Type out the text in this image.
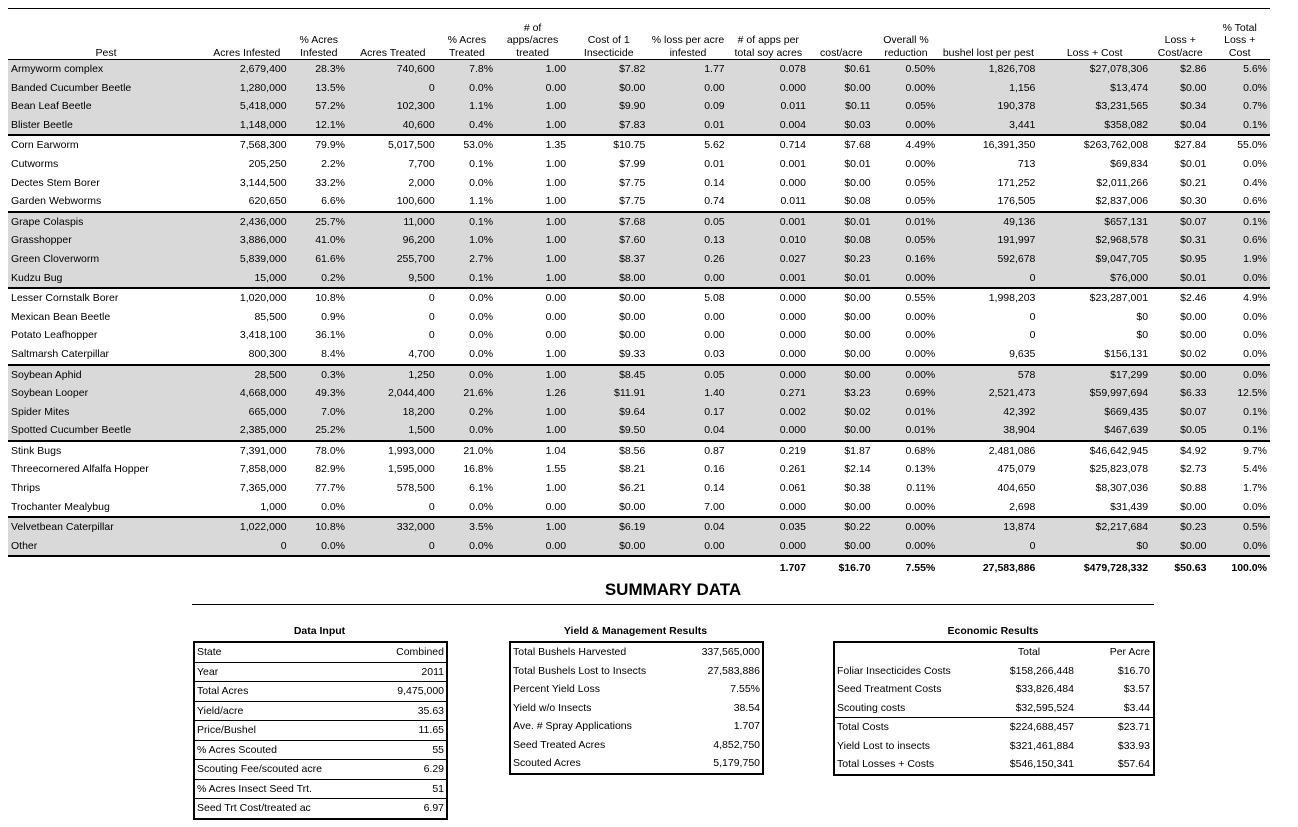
Pest	Acres Infested	% Acres Infested	Acres Treated	% Acres Treated	# of apps/acres treated	Cost of 1 Insecticide	% loss per acre infested	# of apps per total soy acres	cost/acre	Overall % reduction	bushel lost per pest	Loss + Cost	Loss + Cost/acre	% Total Loss + Cost
Armyworm complex	2,679,400	28.3%	740,600	7.8%	1.00	$7.82	1.77	0.078	$0.61	0.50%	1,826,708	$27,078,306	$2.86	5.6%
Banded Cucumber Beetle	1,280,000	13.5%	0	0.0%	0.00	$0.00	0.00	0.000	$0.00	0.00%	1,156	$13,474	$0.00	0.0%
Bean Leaf Beetle	5,418,000	57.2%	102,300	1.1%	1.00	$9.90	0.09	0.011	$0.11	0.05%	190,378	$3,231,565	$0.34	0.7%
Blister Beetle	1,148,000	12.1%	40,600	0.4%	1.00	$7.83	0.01	0.004	$0.03	0.00%	3,441	$358,082	$0.04	0.1%
Corn Earworm	7,568,300	79.9%	5,017,500	53.0%	1.35	$10.75	5.62	0.714	$7.68	4.49%	16,391,350	$263,762,008	$27.84	55.0%
Cutworms	205,250	2.2%	7,700	0.1%	1.00	$7.99	0.01	0.001	$0.01	0.00%	713	$69,834	$0.01	0.0%
Dectes Stem Borer	3,144,500	33.2%	2,000	0.0%	1.00	$7.75	0.14	0.000	$0.00	0.05%	171,252	$2,011,266	$0.21	0.4%
Garden Webworms	620,650	6.6%	100,600	1.1%	1.00	$7.75	0.74	0.011	$0.08	0.05%	176,505	$2,837,006	$0.30	0.6%
Grape Colaspis	2,436,000	25.7%	11,000	0.1%	1.00	$7.68	0.05	0.001	$0.01	0.01%	49,136	$657,131	$0.07	0.1%
Grasshopper	3,886,000	41.0%	96,200	1.0%	1.00	$7.60	0.13	0.010	$0.08	0.05%	191,997	$2,968,578	$0.31	0.6%
Green Cloverworm	5,839,000	61.6%	255,700	2.7%	1.00	$8.37	0.26	0.027	$0.23	0.16%	592,678	$9,047,705	$0.95	1.9%
Kudzu Bug	15,000	0.2%	9,500	0.1%	1.00	$8.00	0.00	0.001	$0.01	0.00%	0	$76,000	$0.01	0.0%
Lesser Cornstalk Borer	1,020,000	10.8%	0	0.0%	0.00	$0.00	5.08	0.000	$0.00	0.55%	1,998,203	$23,287,001	$2.46	4.9%
Mexican Bean Beetle	85,500	0.9%	0	0.0%	0.00	$0.00	0.00	0.000	$0.00	0.00%	0	$0	$0.00	0.0%
Potato Leafhopper	3,418,100	36.1%	0	0.0%	0.00	$0.00	0.00	0.000	$0.00	0.00%	0	$0	$0.00	0.0%
Saltmarsh Caterpillar	800,300	8.4%	4,700	0.0%	1.00	$9.33	0.03	0.000	$0.00	0.00%	9,635	$156,131	$0.02	0.0%
Soybean Aphid	28,500	0.3%	1,250	0.0%	1.00	$8.45	0.05	0.000	$0.00	0.00%	578	$17,299	$0.00	0.0%
Soybean Looper	4,668,000	49.3%	2,044,400	21.6%	1.26	$11.91	1.40	0.271	$3.23	0.69%	2,521,473	$59,997,694	$6.33	12.5%
Spider Mites	665,000	7.0%	18,200	0.2%	1.00	$9.64	0.17	0.002	$0.02	0.01%	42,392	$669,435	$0.07	0.1%
Spotted Cucumber Beetle	2,385,000	25.2%	1,500	0.0%	1.00	$9.50	0.04	0.000	$0.00	0.01%	38,904	$467,639	$0.05	0.1%
Stink Bugs	7,391,000	78.0%	1,993,000	21.0%	1.04	$8.56	0.87	0.219	$1.87	0.68%	2,481,086	$46,642,945	$4.92	9.7%
Threecornered Alfalfa Hopper	7,858,000	82.9%	1,595,000	16.8%	1.55	$8.21	0.16	0.261	$2.14	0.13%	475,079	$25,823,078	$2.73	5.4%
Thrips	7,365,000	77.7%	578,500	6.1%	1.00	$6.21	0.14	0.061	$0.38	0.11%	404,650	$8,307,036	$0.88	1.7%
Trochanter Mealybug	1,000	0.0%	0	0.0%	0.00	$0.00	7.00	0.000	$0.00	0.00%	2,698	$31,439	$0.00	0.0%
Velvetbean Caterpillar	1,022,000	10.8%	332,000	3.5%	1.00	$6.19	0.04	0.035	$0.22	0.00%	13,874	$2,217,684	$0.23	0.5%
Other	0	0.0%	0	0.0%	0.00	$0.00	0.00	0.000	$0.00	0.00%	0	$0	$0.00	0.0%
								1.707	$16.70	7.55%	27,583,886	$479,728,332	$50.63	100.0%
SUMMARY DATA
Data Input
State	Combined
Year	2011
Total Acres	9,475,000
Yield/acre	35.63
Price/Bushel	11.65
% Acres Scouted	55
Scouting Fee/scouted acre	6.29
% Acres Insect Seed Trt.	51
Seed Trt Cost/treated ac	6.97
Yield & Management Results
Total Bushels Harvested	337,565,000
Total Bushels Lost to Insects	27,583,886
Percent Yield Loss	7.55%
Yield w/o Insects	38.54
Ave. # Spray Applications	1.707
Seed Treated Acres	4,852,750
Scouted Acres	5,179,750
Economic Results
	Total	Per Acre
Foliar Insecticides Costs	$158,266,448	$16.70
Seed Treatment Costs	$33,826,484	$3.57
Scouting costs	$32,595,524	$3.44
Total Costs	$224,688,457	$23.71
Yield Lost to insects	$321,461,884	$33.93
Total Losses + Costs	$546,150,341	$57.64
